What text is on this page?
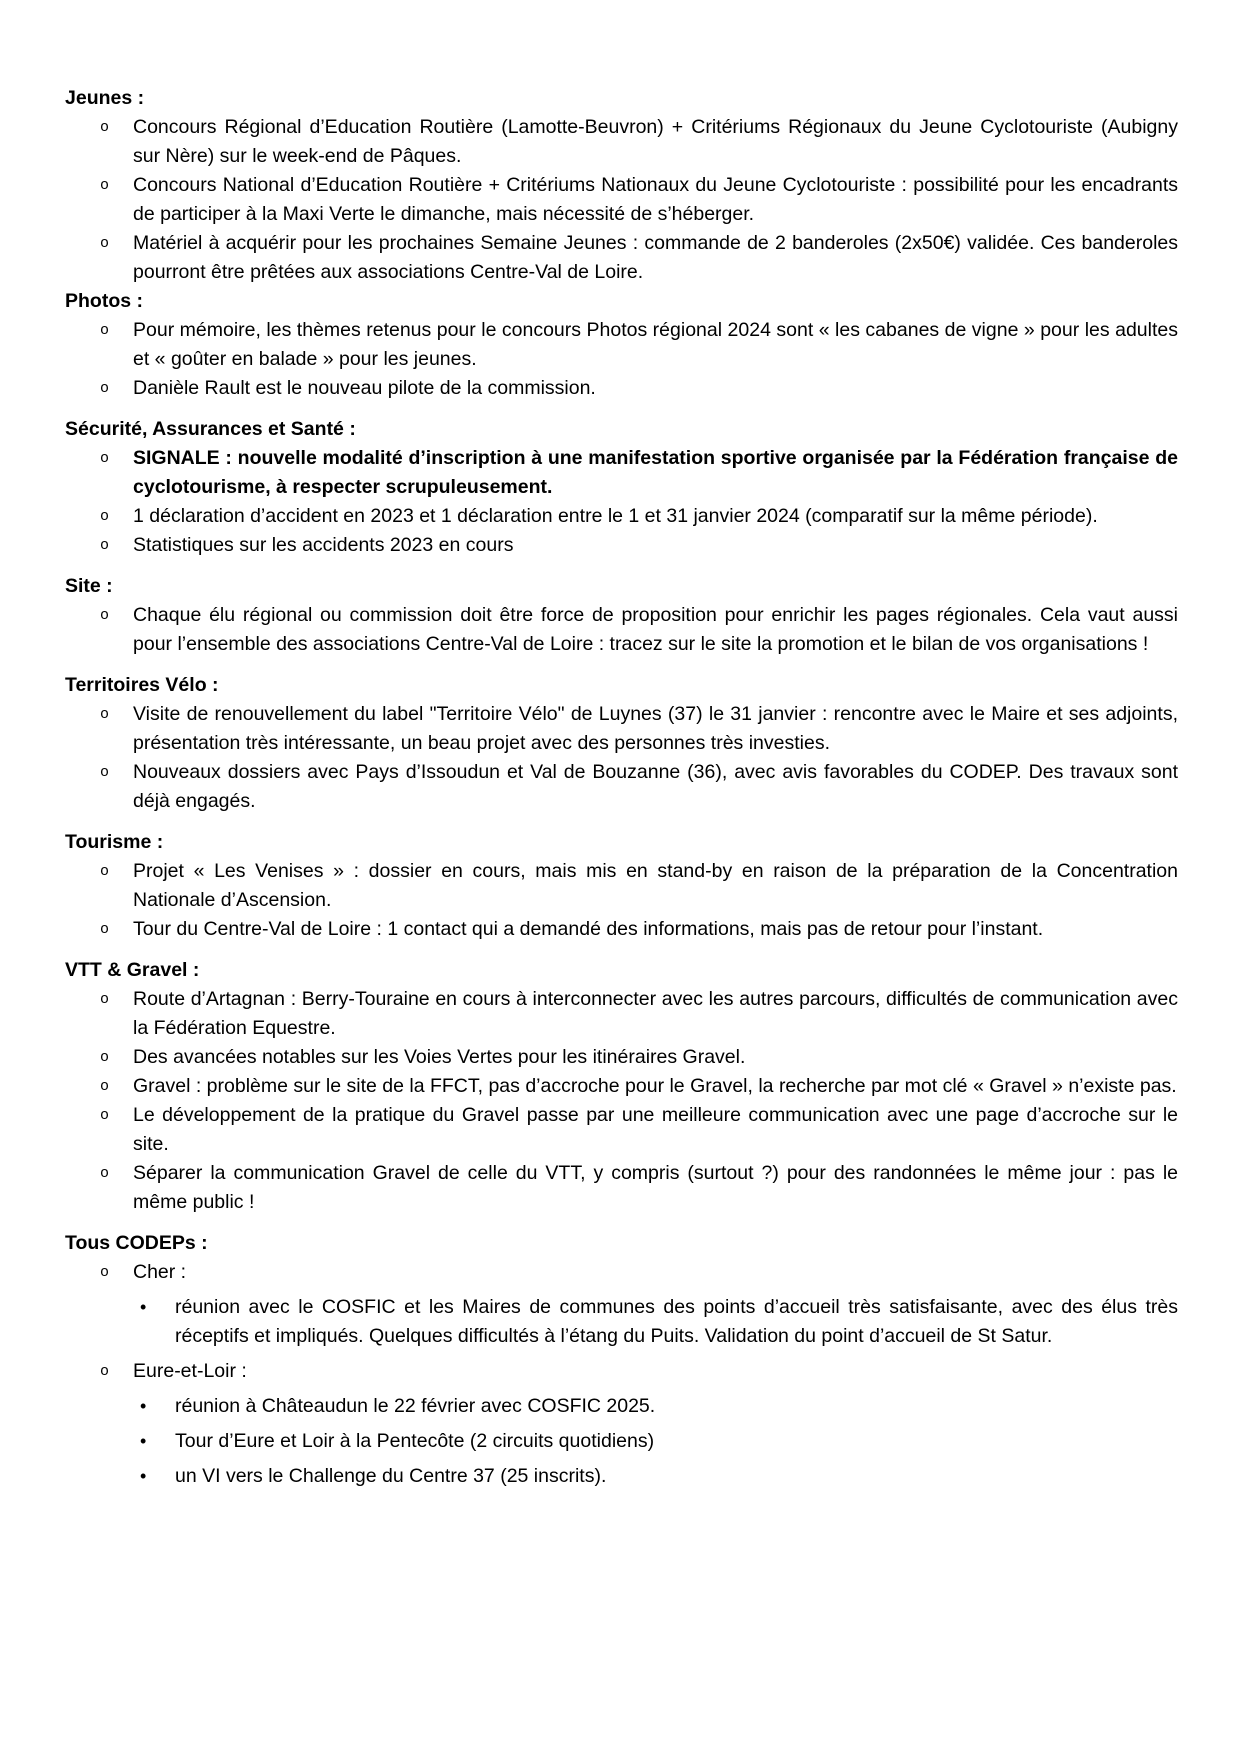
Jeunes :
o	Concours Régional d’Education Routière (Lamotte-Beuvron) + Critériums Régionaux du Jeune Cyclotouriste (Aubigny sur Nère) sur le week-end de Pâques.
o	Concours National d’Education Routière + Critériums Nationaux du Jeune Cyclotouriste : possibilité pour les encadrants de participer à la Maxi Verte le dimanche, mais nécessité de s’héberger.
o	Matériel à acquérir pour les prochaines Semaine Jeunes : commande de 2 banderoles (2x50€) validée. Ces banderoles pourront être prêtées aux associations Centre-Val de Loire.
Photos :
o	Pour mémoire, les thèmes retenus pour le concours Photos régional 2024 sont « les cabanes de vigne » pour les adultes et « goûter en balade » pour les jeunes.
o	Danièle Rault est le nouveau pilote de la commission.
Sécurité, Assurances et Santé :
o	SIGNALE : nouvelle modalité d’inscription à une manifestation sportive organisée par la Fédération française de cyclotourisme, à respecter scrupuleusement.
o	1 déclaration d’accident en 2023 et 1 déclaration entre le 1 et 31 janvier 2024 (comparatif sur la même période).
o	Statistiques sur les accidents 2023 en cours
Site :
o	Chaque élu régional ou commission doit être force de proposition pour enrichir les pages régionales. Cela vaut aussi pour l’ensemble des associations Centre-Val de Loire : tracez sur le site la promotion et le bilan de vos organisations !
Territoires Vélo :
o	Visite de renouvellement du label "Territoire Vélo" de Luynes (37) le 31 janvier : rencontre avec le Maire et ses adjoints, présentation très intéressante, un beau projet avec des personnes très investies.
o	Nouveaux dossiers avec Pays d’Issoudun et Val de Bouzanne (36), avec avis favorables du CODEP. Des travaux sont déjà engagés.
Tourisme :
o	Projet « Les Venises » : dossier en cours, mais mis en stand-by en raison de la préparation de la Concentration Nationale d’Ascension.
o	Tour du Centre-Val de Loire : 1 contact qui a demandé des informations, mais pas de retour pour l’instant.
VTT & Gravel :
o	Route d’Artagnan : Berry-Touraine en cours à interconnecter avec les autres parcours, difficultés de communication avec la Fédération Equestre.
o	Des avancées notables sur les Voies Vertes pour les itinéraires Gravel.
o	Gravel : problème sur le site de la FFCT, pas d’accroche pour le Gravel, la recherche par mot clé « Gravel » n’existe pas.
o	Le développement de la pratique du Gravel passe par une meilleure communication avec une page d’accroche sur le site.
o	Séparer la communication Gravel de celle du VTT, y compris (surtout ?) pour des randonnées le même jour : pas le même public !
Tous CODEPs :
o	Cher :
•	réunion avec le COSFIC et les Maires de communes des points d’accueil très satisfaisante, avec des élus très réceptifs et impliqués. Quelques difficultés à l’étang du Puits. Validation du point d’accueil de St Satur.
o	Eure-et-Loir :
•	réunion à Châteaudun le 22 février avec COSFIC 2025.
•	Tour d’Eure et Loir à la Pentecôte (2 circuits quotidiens)
•	un VI vers le Challenge du Centre 37 (25 inscrits).
